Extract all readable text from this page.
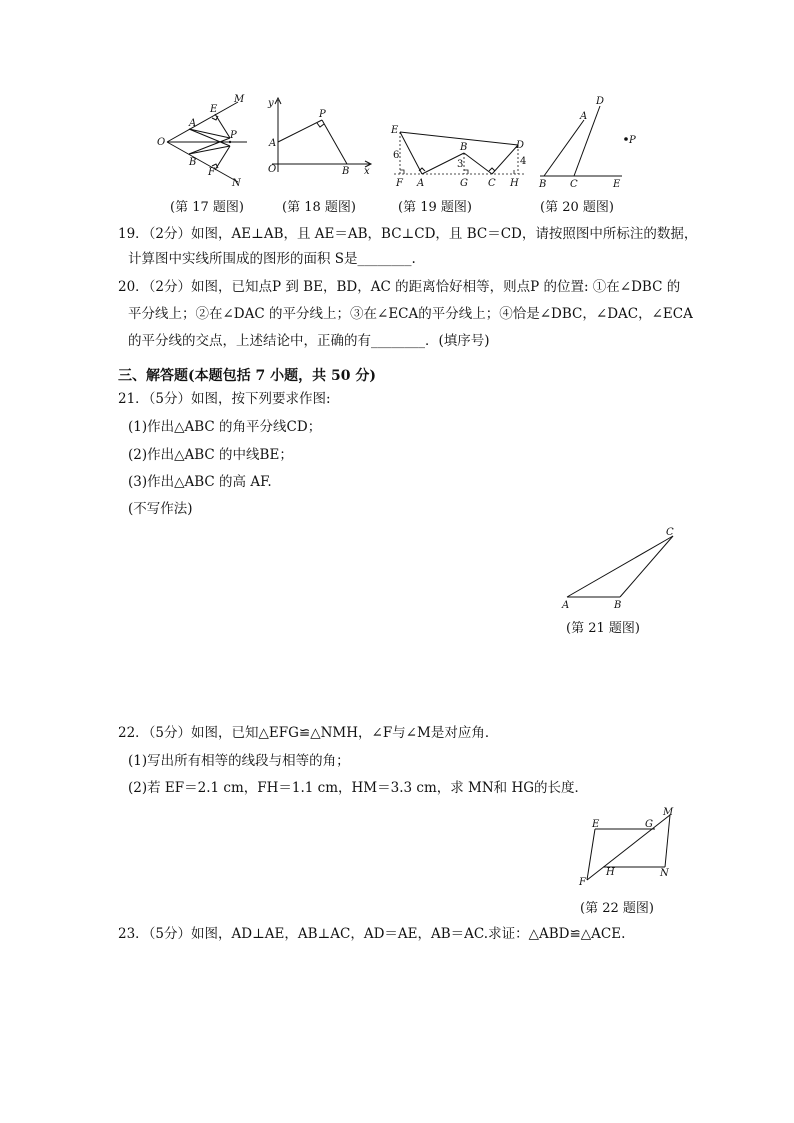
M
E
A
O
P
B
F
N
(第 17 题图)
y
P
A
O	B x
(第 18 题图)
E
D
B
6
3	4
F A	G C H
(第 19 题图)
D
A
P
B C	E
(第 20 题图)
19．（2分）如图，AE⊥AB，且 AE＝AB，BC⊥CD，且 BC＝CD，请按照图中所标注的数据，
计算图中实线所围成的图形的面积 S是________.
20．（2分）如图，已知点P 到 BE，BD，AC 的距离恰好相等，则点P 的位置: ①在∠DBC 的
平分线上；②在∠DAC 的平分线上；③在∠ECA的平分线上；④恰是∠DBC，∠DAC，∠ECA
的平分线的交点，上述结论中，正确的有________．(填序号)
三、解答题(本题包括 7 小题，共 50 分)
21．（5分）如图，按下列要求作图:
(1)作出△ABC 的角平分线CD；
(2)作出△ABC 的中线BE；
(3)作出△ABC 的高 AF.
(不写作法)
C
A	B
(第 21 题图)
22．（5分）如图，已知△EFG≌△NMH，∠F与∠M是对应角．
(1)写出所有相等的线段与相等的角；
(2)若 EF＝2.1 cm，FH＝1.1 cm，HM＝3.3 cm，求 MN和 HG的长度．
M
E	G
H	N
F
(第 22 题图)
23．（5分）如图，AD⊥AE，AB⊥AC，AD＝AE，AB＝AC.求证：△ABD≌△ACE.
